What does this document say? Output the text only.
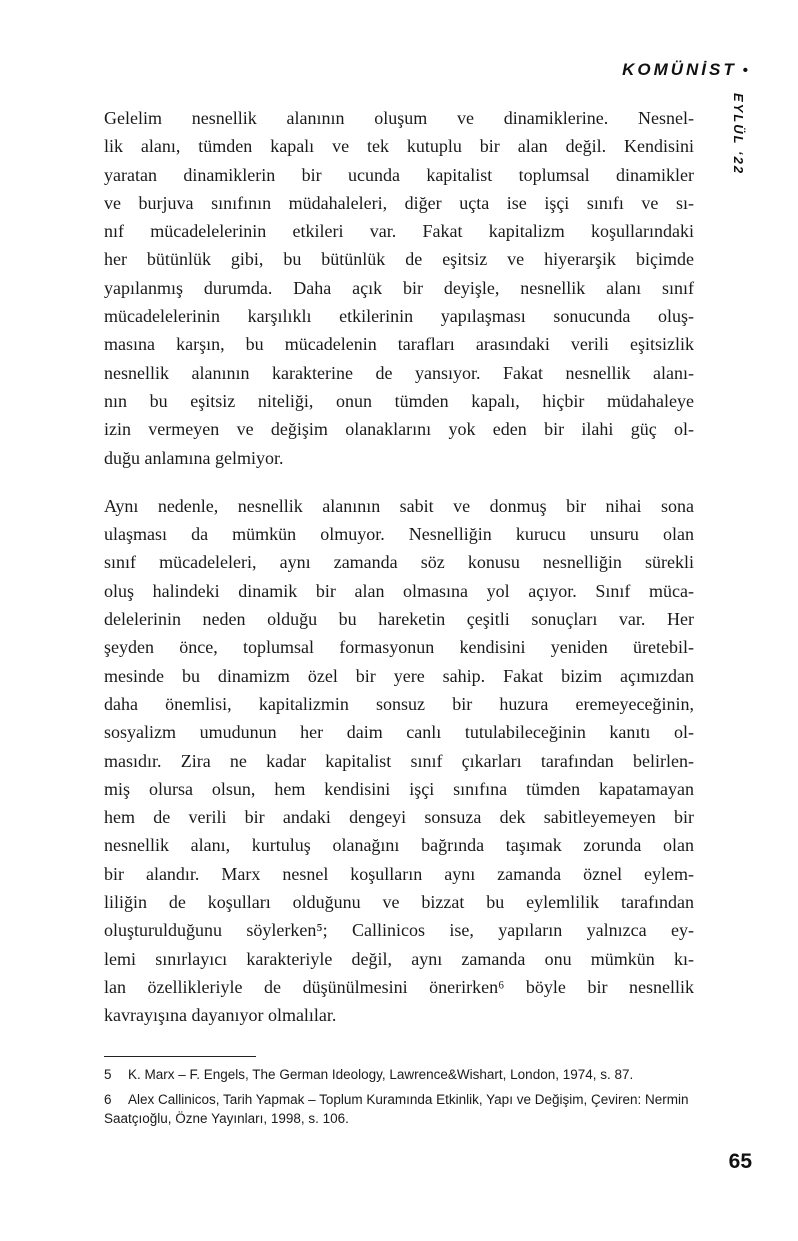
KOMÜNİST •
EYLÜL ‘22
Gelelim nesnellik alanının oluşum ve dinamiklerine. Nesnel-
lik alanı, tümden kapalı ve tek kutuplu bir alan değil. Kendisini
yaratan dinamiklerin bir ucunda kapitalist toplumsal dinamikler
ve burjuva sınıfının müdahaleleri, diğer uçta ise işçi sınıfı ve sı-
nıf mücadelelerinin etkileri var. Fakat kapitalizm koşullarındaki
her bütünlük gibi, bu bütünlük de eşitsiz ve hiyerarşik biçimde
yapılanmış durumda. Daha açık bir deyişle, nesnellik alanı sınıf
mücadelelerinin karşılıklı etkilerinin yapılaşması sonucunda oluş-
masına karşın, bu mücadelenin tarafları arasındaki verili eşitsizlik
nesnellik alanının karakterine de yansıyor. Fakat nesnellik alanı-
nın bu eşitsiz niteliği, onun tümden kapalı, hiçbir müdahaleye
izin vermeyen ve değişim olanaklarını yok eden bir ilahi güç ol-
duğu anlamına gelmiyor.
Aynı nedenle, nesnellik alanının sabit ve donmuş bir nihai sona
ulaşması da mümkün olmuyor. Nesnelliğin kurucu unsuru olan
sınıf mücadeleleri, aynı zamanda söz konusu nesnelliğin sürekli
oluş halindeki dinamik bir alan olmasına yol açıyor. Sınıf müca-
delelerinin neden olduğu bu hareketin çeşitli sonuçları var. Her
şeyden önce, toplumsal formasyonun kendisini yeniden üretebil-
mesinde bu dinamizm özel bir yere sahip. Fakat bizim açımızdan
daha önemlisi, kapitalizmin sonsuz bir huzura eremeyeceğinin,
sosyalizm umudunun her daim canlı tutulabileceğinin kanıtı ol-
masıdır. Zira ne kadar kapitalist sınıf çıkarları tarafından belirlen-
miş olursa olsun, hem kendisini işçi sınıfına tümden kapatamayan
hem de verili bir andaki dengeyi sonsuza dek sabitleyemeyen bir
nesnellik alanı, kurtuluş olanağını bağrında taşımak zorunda olan
bir alandır. Marx nesnel koşulların aynı zamanda öznel eylem-
liliğin de koşulları olduğunu ve bizzat bu eylemlilik tarafından
oluşturulduğunu söylerken⁵; Callinicos ise, yapıların yalnızca ey-
lemi sınırlayıcı karakteriyle değil, aynı zamanda onu mümkün kı-
lan özellikleriyle de düşünülmesini önerirken⁶ böyle bir nesnellik
kavrayışına dayanıyor olmalılar.
5 K. Marx – F. Engels, The German Ideology, Lawrence&Wishart, London, 1974, s. 87.
6 Alex Callinicos, Tarih Yapmak – Toplum Kuramında Etkinlik, Yapı ve Değişim, Çeviren: Nermin Saatçıoğlu, Özne Yayınları, 1998, s. 106.
65
